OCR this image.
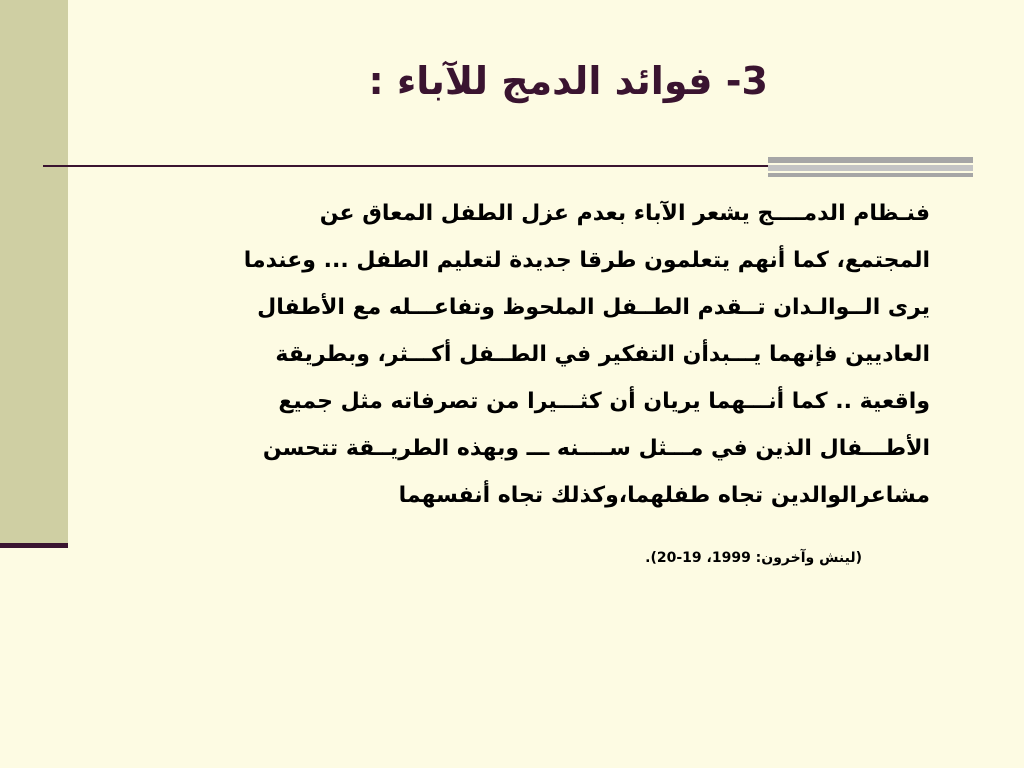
3- فوائد الدمج للآباء :

فنـظام الدمــــج يشعر الآباء بعدم عزل الطفل المعاق عن
المجتمع، كما أنهم يتعلمون طرقا جديدة لتعليم الطفل ... وعندما
يرى الــوالـدان تــقدم الطــفل الملحوظ وتفاعـــله مع الأطفال
العاديين فإنهما يـــبدأن التفكير في الطــفل أكـــثر، وبطريقة
واقعية .. كما أنـــهما يريان أن كثـــيرا من تصرفاته مثل جميع
الأطـــفال الذين في مـــثل ســــنه ـــ وبهذه الطريــقة تتحسن
مشاعرالوالدين تجاه طفلهما،وكذلك تجاه أنفسهما

(لينش وآخرون: 1999، 19-20).
